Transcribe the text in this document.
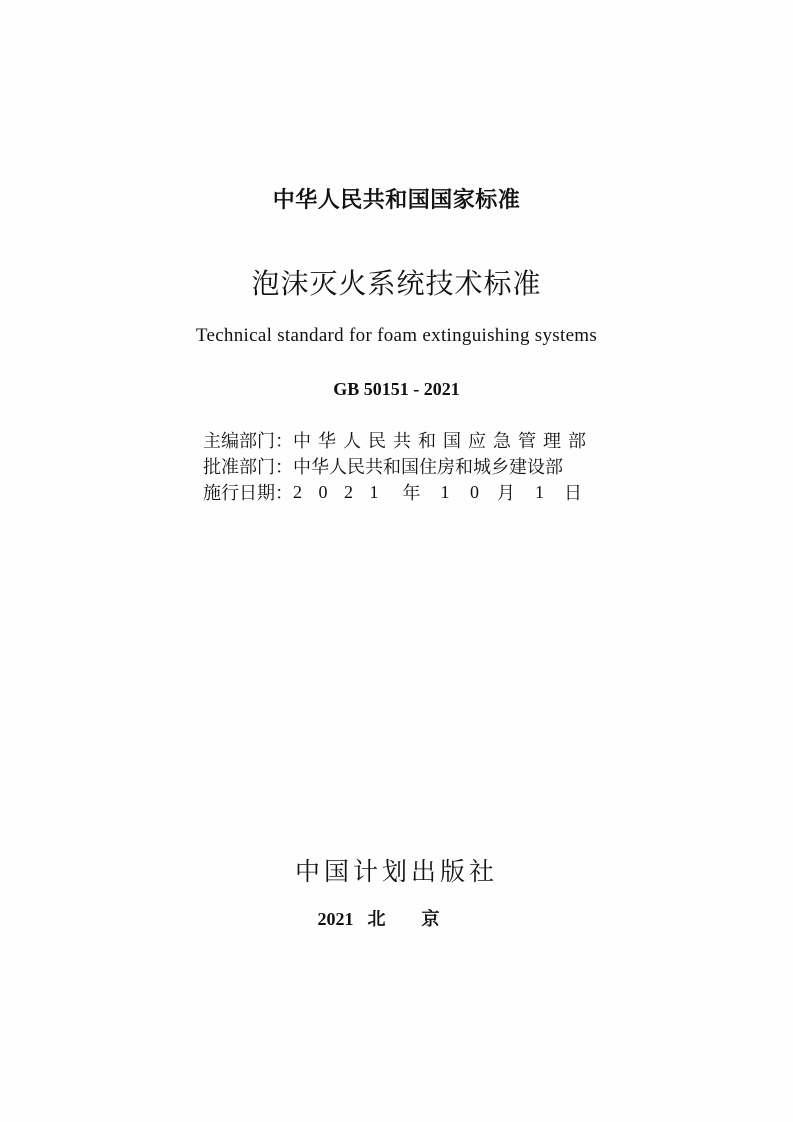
中华人民共和国国家标准
泡沫灭火系统技术标准
Technical standard for foam extinguishing systems
GB 50151 - 2021
主编部门： 中华人民共和国应急管理部
批准部门： 中华人民共和国住房和城乡建设部
施行日期： 2 0 2 1 年 1 0 月 1 日
中国计划出版社
2021 北京
